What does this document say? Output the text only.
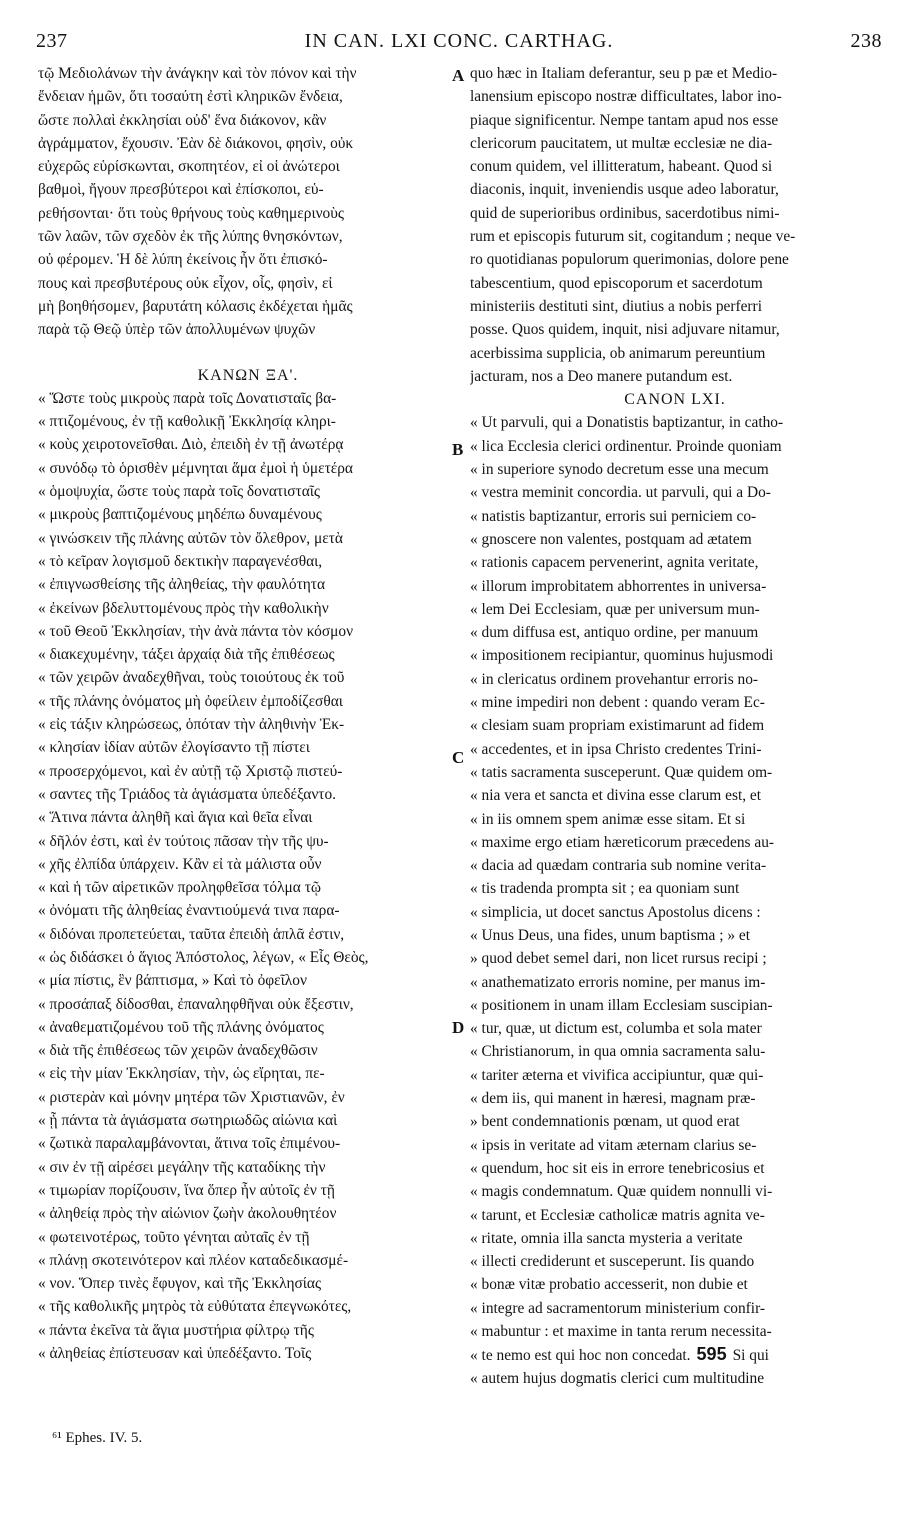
237	IN CAN. LXI CONC. CARTHAG.	238
τῷ Μεδιολάνων τὴν ἀνάγκην καὶ τὸν πόνον καὶ τὴν
ἔνδειαν ἡμῶν, ὅτι τοσαύτη ἐστὶ κληρικῶν ἔνδεια,
ὥστε πολλαὶ ἐκκλησίαι οὐδ' ἕνα διάκονον, κἂν
ἀγράμματον, ἔχουσιν. Ἐὰν δὲ διάκονοι, φησὶν, οὐκ
εὐχερῶς εὑρίσκωνται, σκοπητέον, εἰ οἱ ἀνώτεροι
βαθμοὶ, ἤγουν πρεσβύτεροι καὶ ἐπίσκοποι, εὑ-
ρεθήσονται· ὅτι τοὺς θρήνους τοὺς καθημερινοὺς
τῶν λαῶν, τῶν σχεδὸν ἐκ τῆς λύπης θνησκόντων,
οὐ φέρομεν. Ἡ δὲ λύπη ἐκείνοις ἦν ὅτι ἐπισκό-
πους καὶ πρεσβυτέρους οὐκ εἶχον, οἷς, φησὶν, εἰ
μὴ βοηθήσομεν, βαρυτάτη κόλασις ἐκδέχεται ἡμᾶς
παρὰ τῷ Θεῷ ὑπὲρ τῶν ἀπολλυμένων ψυχῶν
ΚΑΝΩΝ ΞΑ'.
« Ὥστε τοὺς μικροὺς παρὰ τοῖς Δονατισταῖς βα-
« πτιζομένους, ἐν τῇ καθολικῇ Ἐκκλησίᾳ κληρι-
« κοὺς χειροτονεῖσθαι. Διὸ, ἐπειδὴ ἐν τῇ ἀνωτέρᾳ
« συνόδῳ τὸ ὁρισθὲν μέμνηται ἅμα ἐμοὶ ἡ ὑμετέρα
« ὁμοψυχία, ὥστε τοὺς παρὰ τοῖς δονατισταῖς
« μικροὺς βαπτιζομένους μηδέπω δυναμένους
« γινώσκειν τῆς πλάνης αὐτῶν τὸν ὄλεθρον, μετὰ
« τὸ κεῖραν λογισμοῦ δεκτικὴν παραγενέσθαι,
« ἐπιγνωσθείσης τῆς ἀληθείας, τὴν φαυλότητα
« ἐκείνων βδελυττομένους πρὸς τὴν καθολικὴν
« τοῦ Θεοῦ Ἐκκλησίαν, τὴν ἀνὰ πάντα τὸν κόσμον
« διακεχυμένην, τάξει ἀρχαίᾳ διὰ τῆς ἐπιθέσεως
« τῶν χειρῶν ἀναδεχθῆναι, τοὺς τοιούτους ἐκ τοῦ
« τῆς πλάνης ὀνόματος μὴ ὀφείλειν ἐμποδίζεσθαι
« εἰς τάξιν κληρώσεως, ὁπόταν τὴν ἀληθινὴν Ἐκ-
« κλησίαν ἰδίαν αὐτῶν ἐλογίσαντο τῇ πίστει
« προσερχόμενοι, καὶ ἐν αὐτῇ τῷ Χριστῷ πιστεύ-
« σαντες τῆς Τριάδος τὰ ἁγιάσματα ὑπεδέξαντο.
« Ἅτινα πάντα ἀληθῆ καὶ ἅγια καὶ θεῖα εἶναι
« δῆλόν ἐστι, καὶ ἐν τούτοις πᾶσαν τὴν τῆς ψυ-
« χῆς ἐλπίδα ὑπάρχειν. Κἂν εἰ τὰ μάλιστα οὖν
« καὶ ἡ τῶν αἱρετικῶν προληφθεῖσα τόλμα τῷ
« ὀνόματι τῆς ἀληθείας ἐναντιούμενά τινα παρα-
« διδόναι προπετεύεται, ταῦτα ἐπειδὴ ἁπλᾶ ἐστιν,
« ὡς διδάσκει ὁ ἅγιος Ἀπόστολος, λέγων, « Εἷς Θεὸς,
« μία πίστις, ἓν βάπτισμα, » Καὶ τὸ ὀφεῖλον
« προσάπαξ δίδοσθαι, ἐπαναληφθῆναι οὐκ ἔξεστιν,
« ἀναθεματιζομένου τοῦ τῆς πλάνης ὀνόματος
« διὰ τῆς ἐπιθέσεως τῶν χειρῶν ἀναδεχθῶσιν
« εἰς τὴν μίαν Ἐκκλησίαν, τὴν, ὡς εἴρηται, πε-
« ριστερὰν καὶ μόνην μητέρα τῶν Χριστιανῶν, ἐν
« ᾗ πάντα τὰ ἁγιάσματα σωτηριωδῶς αἰώνια καὶ
« ζωτικὰ παραλαμβάνονται, ἅτινα τοῖς ἐπιμένου-
« σιν ἐν τῇ αἱρέσει μεγάλην τῆς καταδίκης τὴν
« τιμωρίαν πορίζουσιν, ἵνα ὅπερ ἦν αὐτοῖς ἐν τῇ
« ἀληθείᾳ πρὸς τὴν αἰώνιον ζωὴν ἀκολουθητέον
« φωτεινοτέρως, τοῦτο γένηται αὐταῖς ἐν τῇ
« πλάνῃ σκοτεινότερον καὶ πλέον καταδεδικασμέ-
« νον. Ὅπερ τινὲς ἔφυγον, καὶ τῆς Ἐκκλησίας
« τῆς καθολικῆς μητρὸς τὰ εὐθύτατα ἐπεγνωκότες,
« πάντα ἐκεῖνα τὰ ἅγια μυστήρια φίλτρῳ τῆς
« ἀληθείας ἐπίστευσαν καὶ ὑπεδέξαντο. Τοῖς
quo hæc in Italiam deferantur, seu p pæ et Medio-
lanensium episcopo nostræ difficultates, labor ino-
piaque significentur. Nempe tantam apud nos esse
clericorum paucitatem, ut multæ ecclesiæ ne dia-
conum quidem, vel illitteratum, habeant. Quod si
diaconis, inquit, inveniendis usque adeo laboratur,
quid de superioribus ordinibus, sacerdotibus nimi-
rum et episcopis futurum sit, cogitandum ; neque ve-
ro quotidianas populorum querimonias, dolore pene
tabescentium, quod episcoporum et sacerdotum
ministeriis destituti sint, diutius a nobis perferri
posse. Quos quidem, inquit, nisi adjuvare nitamur,
acerbissima supplicia, ob animarum pereuntium
jacturam, nos a Deo manere putandum est.
CANON LXI.
« Ut parvuli, qui a Donatistis baptizantur, in catho-
« lica Ecclesia clerici ordinentur. Proinde quoniam
« in superiore synodo decretum esse una mecum
« vestra meminit concordia. ut parvuli, qui a Do-
« natistis baptizantur, erroris sui perniciem co-
« gnoscere non valentes, postquam ad ætatem
« rationis capacem pervenerint, agnita veritate,
« illorum improbitatem abhorrentes in universa-
« lem Dei Ecclesiam, quæ per universum mun-
« dum diffusa est, antiquo ordine, per manuum
« impositionem recipiantur, quominus hujusmodi
« in clericatus ordinem provehantur erroris no-
« mine impediri non debent : quando veram Ec-
« clesiam suam propriam existimarunt ad fidem
« accedentes, et in ipsa Christo credentes Trini-
« tatis sacramenta susceperunt. Quæ quidem om-
« nia vera et sancta et divina esse clarum est, et
« in iis omnem spem animæ esse sitam. Et si
« maxime ergo etiam hæreticorum præcedens au-
« dacia ad quædam contraria sub nomine verita-
« tis tradenda prompta sit ; ea quoniam sunt
« simplicia, ut docet sanctus Apostolus dicens :
« Unus Deus, una fides, unum baptisma ; » et
» quod debet semel dari, non licet rursus recipi ;
« anathematizato erroris nomine, per manus im-
« positionem in unam illam Ecclesiam suscipian-
« tur, quæ, ut dictum est, columba et sola mater
« Christianorum, in qua omnia sacramenta salu-
« tariter æterna et vivifica accipiuntur, quæ qui-
« dem iis, qui manent in hæresi, magnam præ-
» bent condemnationis pœnam, ut quod erat
« ipsis in veritate ad vitam æternam clarius se-
« quendum, hoc sit eis in errore tenebricosius et
« magis condemnatum. Quæ quidem nonnulli vi-
« tarunt, et Ecclesiæ catholicæ matris agnita ve-
« ritate, omnia illa sancta mysteria a veritate
« illecti crediderunt et susceperunt. Iis quando
« bonæ vitæ probatio accesserit, non dubie et
« integre ad sacramentorum ministerium confir-
« mabuntur : et maxime in tanta rerum necessita-
« te nemo est qui hoc non concedat. 595 Si qui
« autem hujus dogmatis clerici cum multitudine
A
B
C
D
⁶¹ Ephes. IV. 5.
